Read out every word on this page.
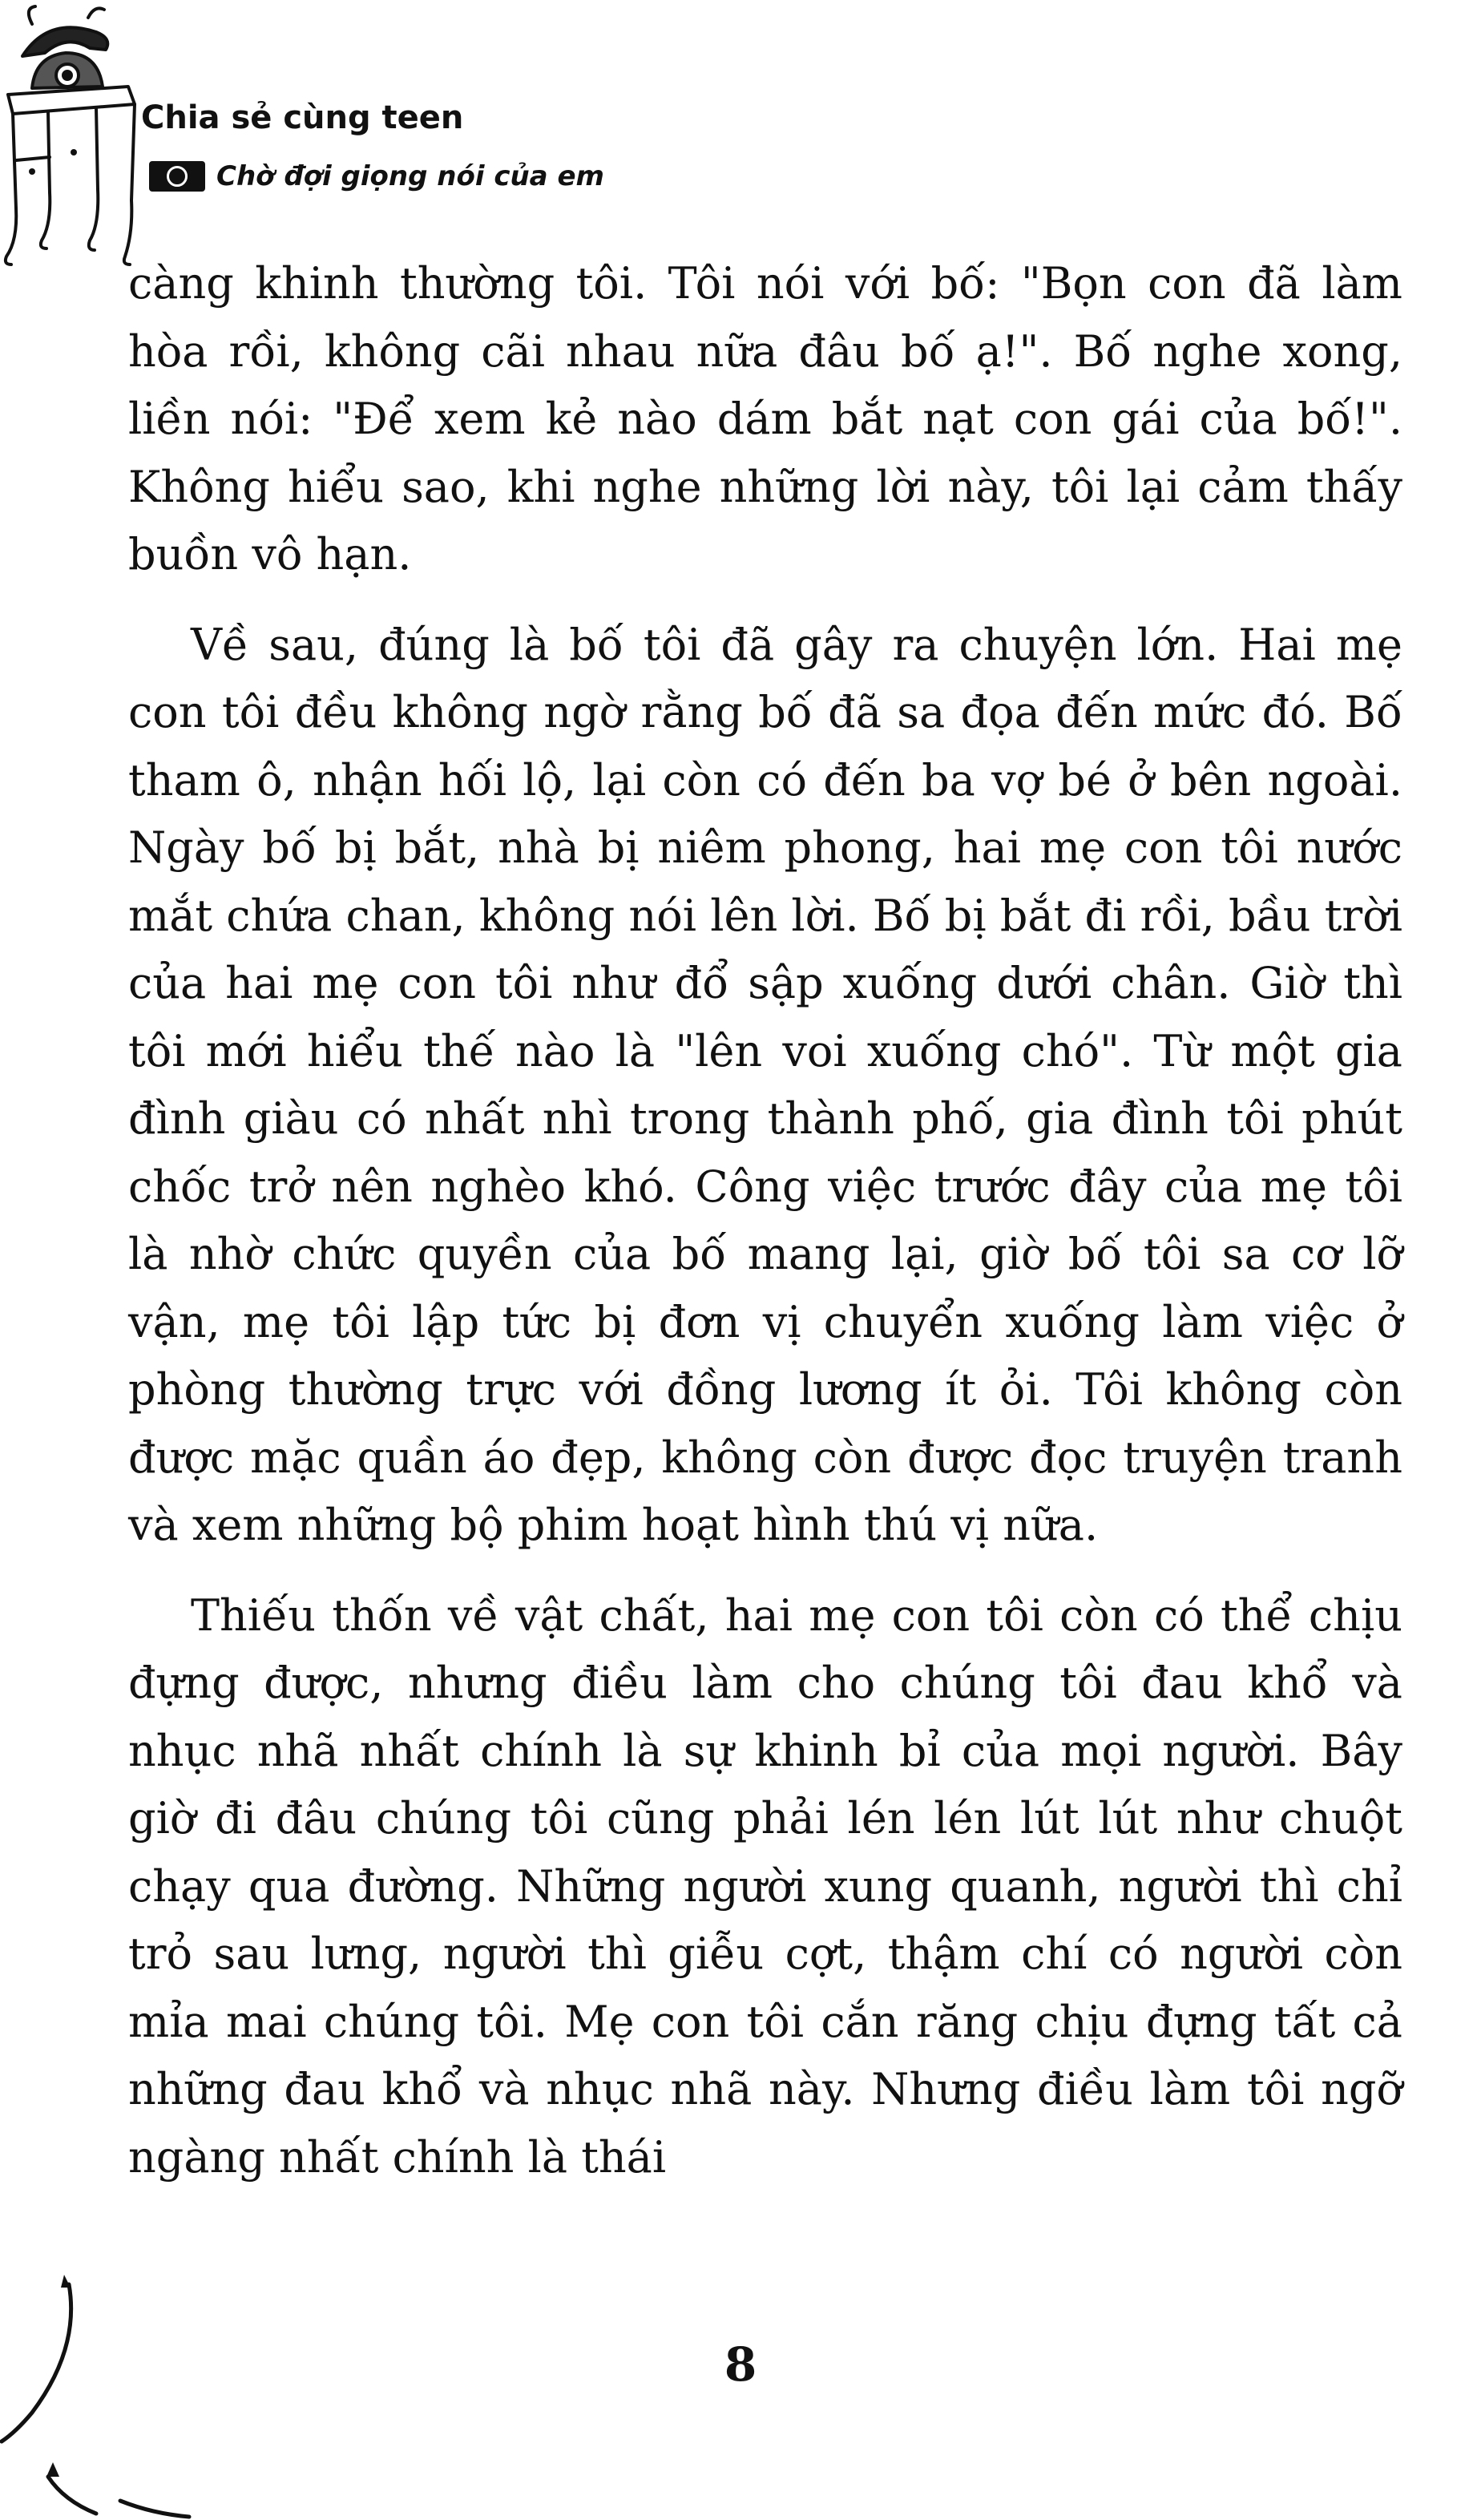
Chia sẻ cùng teen
Chờ đợi giọng nói của em

càng khinh thường tôi. Tôi nói với bố: "Bọn con đã làm hòa rồi, không cãi nhau nữa đâu bố ạ!". Bố nghe xong, liền nói: "Để xem kẻ nào dám bắt nạt con gái của bố!". Không hiểu sao, khi nghe những lời này, tôi lại cảm thấy buồn vô hạn.

Về sau, đúng là bố tôi đã gây ra chuyện lớn. Hai mẹ con tôi đều không ngờ rằng bố đã sa đọa đến mức đó. Bố tham ô, nhận hối lộ, lại còn có đến ba vợ bé ở bên ngoài. Ngày bố bị bắt, nhà bị niêm phong, hai mẹ con tôi nước mắt chứa chan, không nói lên lời. Bố bị bắt đi rồi, bầu trời của hai mẹ con tôi như đổ sập xuống dưới chân. Giờ thì tôi mới hiểu thế nào là "lên voi xuống chó". Từ một gia đình giàu có nhất nhì trong thành phố, gia đình tôi phút chốc trở nên nghèo khó. Công việc trước đây của mẹ tôi là nhờ chức quyền của bố mang lại, giờ bố tôi sa cơ lỡ vận, mẹ tôi lập tức bị đơn vị chuyển xuống làm việc ở phòng thường trực với đồng lương ít ỏi. Tôi không còn được mặc quần áo đẹp, không còn được đọc truyện tranh và xem những bộ phim hoạt hình thú vị nữa.

Thiếu thốn về vật chất, hai mẹ con tôi còn có thể chịu đựng được, nhưng điều làm cho chúng tôi đau khổ và nhục nhã nhất chính là sự khinh bỉ của mọi người. Bây giờ đi đâu chúng tôi cũng phải lén lén lút lút như chuột chạy qua đường. Những người xung quanh, người thì chỉ trỏ sau lưng, người thì giễu cợt, thậm chí có người còn mỉa mai chúng tôi. Mẹ con tôi cắn răng chịu đựng tất cả những đau khổ và nhục nhã này. Nhưng điều làm tôi ngỡ ngàng nhất chính là thái

8
